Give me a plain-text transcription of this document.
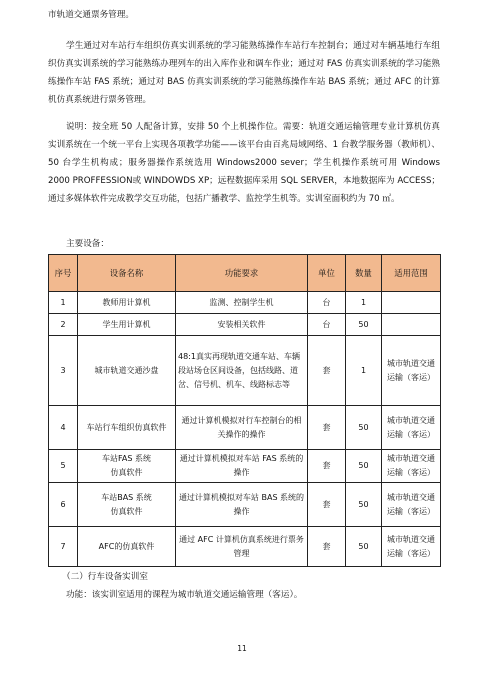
市轨道交通票务管理。

学生通过对车站行车组织仿真实训系统的学习能熟练操作车站行车控制台；通过对车辆基地行车组织仿真实训系统的学习能熟练办理列车的出入库作业和调车作业；通过对 FAS 仿真实训系统的学习能熟练操作车站 FAS 系统；通过对 BAS 仿真实训系统的学习能熟练操作车站 BAS 系统；通过 AFC 的计算机仿真系统进行票务管理。

说明：按全班 50 人配备计算，安排 50 个上机操作位。需要：轨道交通运输管理专业计算机仿真实训系统在一个统一平台上实现各项教学功能——该平台由百兆局域网络、1 台教学服务器（教师机）、50 台学生机构成；服务器操作系统选用 Windows2000 sever；学生机操作系统可用 Windows 2000 PROFFESSION或 WINDOWDS XP；远程数据库采用 SQL SERVER，本地数据库为 ACCESS；通过多媒体软件完成教学交互功能，包括广播教学、监控学生机等。实训室面积约为 70 ㎡。

主要设备：

序号	设备名称	功能要求	单位	数量	适用范围
1	教师用计算机	监测、控制学生机	台	1	
2	学生用计算机	安装相关软件	台	50	
3	城市轨道交通沙盘	48:1真实再现轨道交通车站、车辆段站场仓区间设备，包括线路、道岔、信号机、机车、线路标志等	套	1	城市轨道交通运输（客运）
4	车站行车组织仿真软件	通过计算机模拟对行车控制台的相关操作的操作	套	50	城市轨道交通运输（客运）
5	车站FAS 系统
仿真软件	通过计算机模拟对车站 FAS 系统的操作	套	50	城市轨道交通运输（客运）
6	车站BAS 系统
仿真软件	通过计算机模拟对车站 BAS 系统的操作	套	50	城市轨道交通运输（客运）
7	AFC的仿真软件	通过 AFC 计算机仿真系统进行票务管理	套	50	城市轨道交通运输（客运）
（二）行车设备实训室
功能：该实训室适用的课程为城市轨道交通运输管理（客运）。
11
